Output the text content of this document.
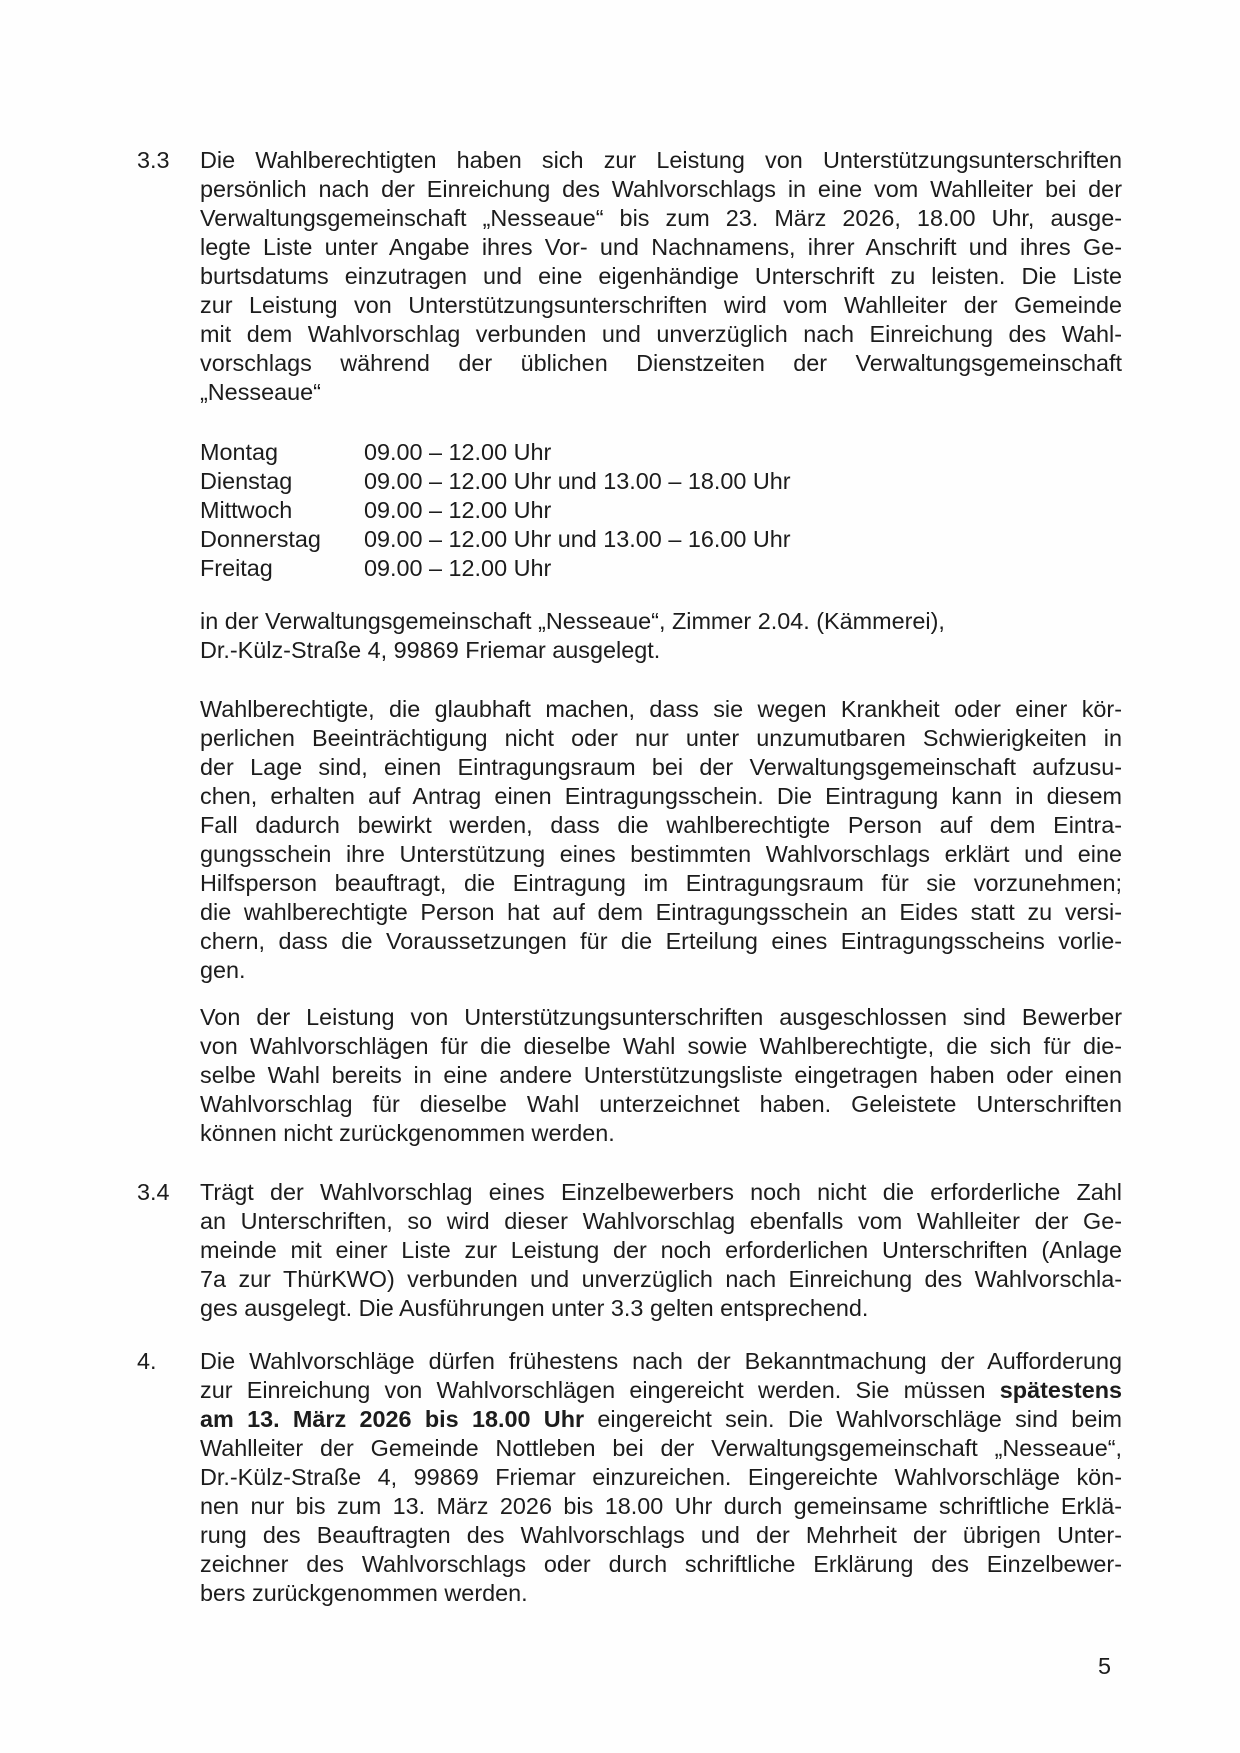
3.3 Die Wahlberechtigten haben sich zur Leistung von Unterstützungsunterschriften
persönlich nach der Einreichung des Wahlvorschlags in eine vom Wahlleiter bei der
Verwaltungsgemeinschaft „Nesseaue“ bis zum 23. März 2026, 18.00 Uhr, ausge-
legte Liste unter Angabe ihres Vor- und Nachnamens, ihrer Anschrift und ihres Ge-
burtsdatums einzutragen und eine eigenhändige Unterschrift zu leisten. Die Liste
zur Leistung von Unterstützungsunterschriften wird vom Wahlleiter der Gemeinde
mit dem Wahlvorschlag verbunden und unverzüglich nach Einreichung des Wahl-
vorschlags während der üblichen Dienstzeiten der Verwaltungsgemeinschaft
„Nesseaue“
Montag	09.00 – 12.00 Uhr
Dienstag	09.00 – 12.00 Uhr und 13.00 – 18.00 Uhr
Mittwoch	09.00 – 12.00 Uhr
Donnerstag	09.00 – 12.00 Uhr und 13.00 – 16.00 Uhr
Freitag	09.00 – 12.00 Uhr
in der Verwaltungsgemeinschaft „Nesseaue“, Zimmer 2.04. (Kämmerei),
Dr.-Külz-Straße 4, 99869 Friemar ausgelegt.
Wahlberechtigte, die glaubhaft machen, dass sie wegen Krankheit oder einer kör-
perlichen Beeinträchtigung nicht oder nur unter unzumutbaren Schwierigkeiten in
der Lage sind, einen Eintragungsraum bei der Verwaltungsgemeinschaft aufzusu-
chen, erhalten auf Antrag einen Eintragungsschein. Die Eintragung kann in diesem
Fall dadurch bewirkt werden, dass die wahlberechtigte Person auf dem Eintra-
gungsschein ihre Unterstützung eines bestimmten Wahlvorschlags erklärt und eine
Hilfsperson beauftragt, die Eintragung im Eintragungsraum für sie vorzunehmen;
die wahlberechtigte Person hat auf dem Eintragungsschein an Eides statt zu versi-
chern, dass die Voraussetzungen für die Erteilung eines Eintragungsscheins vorlie-
gen.
Von der Leistung von Unterstützungsunterschriften ausgeschlossen sind Bewerber
von Wahlvorschlägen für die dieselbe Wahl sowie Wahlberechtigte, die sich für die-
selbe Wahl bereits in eine andere Unterstützungsliste eingetragen haben oder einen
Wahlvorschlag für dieselbe Wahl unterzeichnet haben. Geleistete Unterschriften
können nicht zurückgenommen werden.
3.4 Trägt der Wahlvorschlag eines Einzelbewerbers noch nicht die erforderliche Zahl
an Unterschriften, so wird dieser Wahlvorschlag ebenfalls vom Wahlleiter der Ge-
meinde mit einer Liste zur Leistung der noch erforderlichen Unterschriften (Anlage
7a zur ThürKWO) verbunden und unverzüglich nach Einreichung des Wahlvorschla-
ges ausgelegt. Die Ausführungen unter 3.3 gelten entsprechend.
4. Die Wahlvorschläge dürfen frühestens nach der Bekanntmachung der Aufforderung
zur Einreichung von Wahlvorschlägen eingereicht werden. Sie müssen spätestens
am 13. März 2026 bis 18.00 Uhr eingereicht sein. Die Wahlvorschläge sind beim
Wahlleiter der Gemeinde Nottleben bei der Verwaltungsgemeinschaft „Nesseaue“,
Dr.-Külz-Straße 4, 99869 Friemar einzureichen. Eingereichte Wahlvorschläge kön-
nen nur bis zum 13. März 2026 bis 18.00 Uhr durch gemeinsame schriftliche Erklä-
rung des Beauftragten des Wahlvorschlags und der Mehrheit der übrigen Unter-
zeichner des Wahlvorschlags oder durch schriftliche Erklärung des Einzelbewer-
bers zurückgenommen werden.
5
